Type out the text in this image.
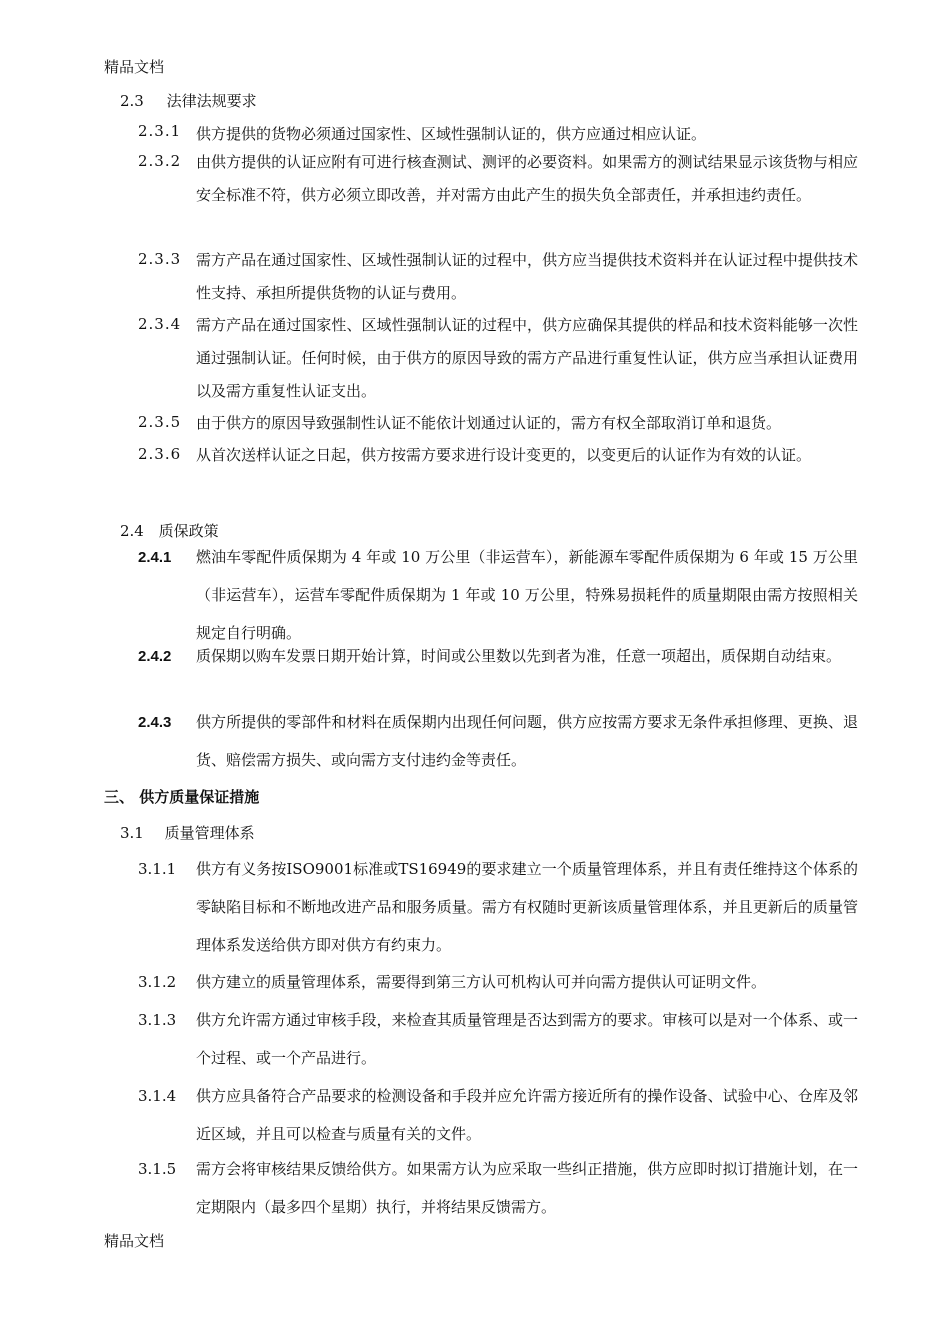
精品文档
2.3 法律法规要求
2.3.1 供方提供的货物必须通过国家性、区域性强制认证的，供方应通过相应认证。
2.3.2 由供方提供的认证应附有可进行核查测试、测评的必要资料。如果需方的测试结果显示该货物与相应安全标准不符，供方必须立即改善，并对需方由此产生的损失负全部责任，并承担违约责任。
2.3.3 需方产品在通过国家性、区域性强制认证的过程中，供方应当提供技术资料并在认证过程中提供技术性支持、承担所提供货物的认证与费用。
2.3.4 需方产品在通过国家性、区域性强制认证的过程中，供方应确保其提供的样品和技术资料能够一次性通过强制认证。任何时候，由于供方的原因导致的需方产品进行重复性认证，供方应当承担认证费用以及需方重复性认证支出。
2.3.5 由于供方的原因导致强制性认证不能依计划通过认证的，需方有权全部取消订单和退货。
2.3.6 从首次送样认证之日起，供方按需方要求进行设计变更的，以变更后的认证作为有效的认证。
2.4 质保政策
2.4.1 燃油车零配件质保期为 4 年或 10 万公里（非运营车），新能源车零配件质保期为 6 年或 15 万公里（非运营车），运营车零配件质保期为 1 年或 10 万公里，特殊易损耗件的质量期限由需方按照相关规定自行明确。
2.4.2 质保期以购车发票日期开始计算，时间或公里数以先到者为准，任意一项超出，质保期自动结束。
2.4.3 供方所提供的零部件和材料在质保期内出现任何问题，供方应按需方要求无条件承担修理、更换、退货、赔偿需方损失、或向需方支付违约金等责任。
三、 供方质量保证措施
3.1 质量管理体系
3.1.1 供方有义务按ISO9001标准或TS16949的要求建立一个质量管理体系，并且有责任维持这个体系的零缺陷目标和不断地改进产品和服务质量。需方有权随时更新该质量管理体系，并且更新后的质量管理体系发送给供方即对供方有约束力。
3.1.2 供方建立的质量管理体系，需要得到第三方认可机构认可并向需方提供认可证明文件。
3.1.3 供方允许需方通过审核手段，来检查其质量管理是否达到需方的要求。审核可以是对一个体系、或一个过程、或一个产品进行。
3.1.4 供方应具备符合产品要求的检测设备和手段并应允许需方接近所有的操作设备、试验中心、仓库及邻近区域，并且可以检查与质量有关的文件。
3.1.5 需方会将审核结果反馈给供方。如果需方认为应采取一些纠正措施，供方应即时拟订措施计划，在一定期限内（最多四个星期）执行，并将结果反馈需方。
精品文档
